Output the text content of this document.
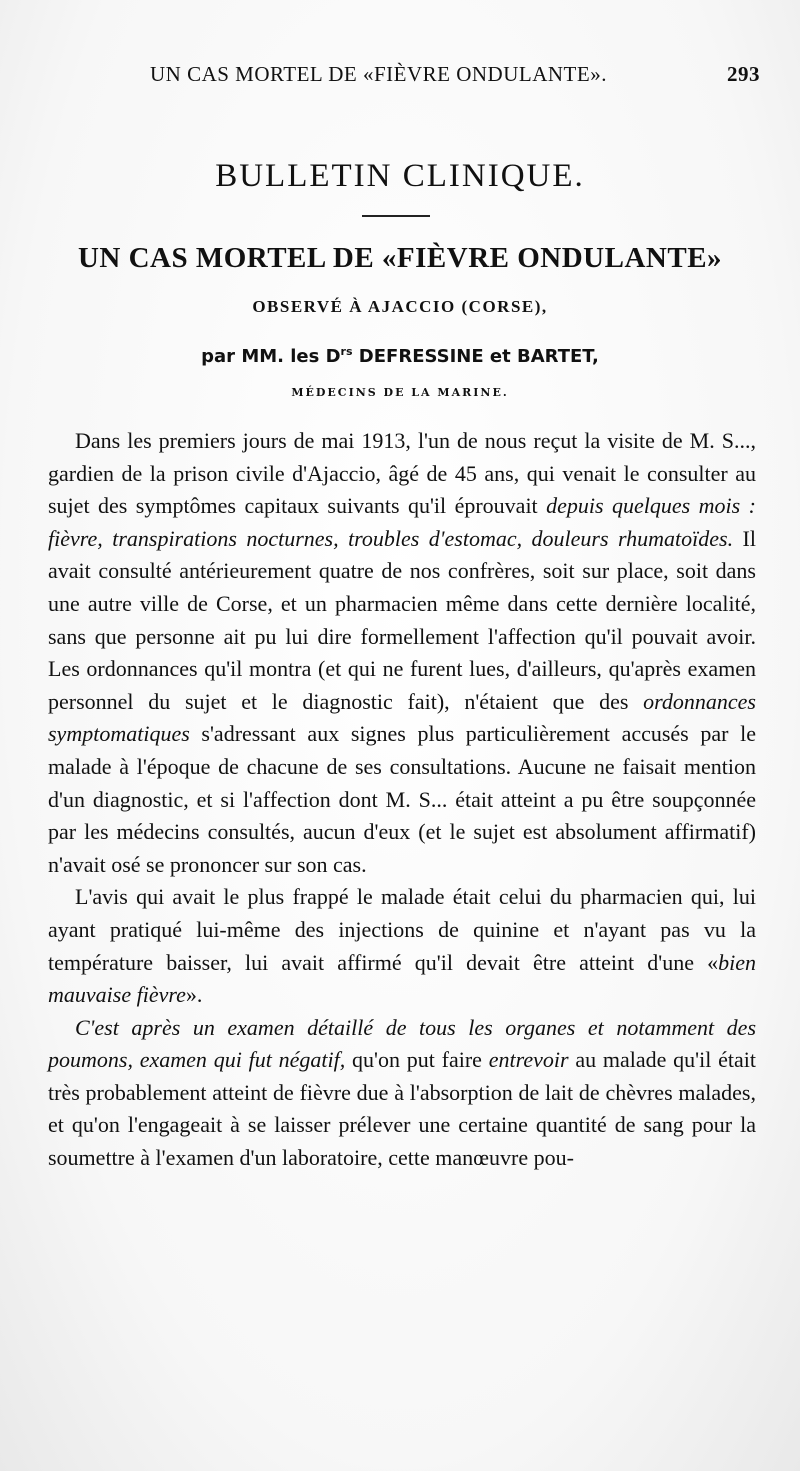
UN CAS MORTEL DE «FIÈVRE ONDULANTE».	293
BULLETIN CLINIQUE.
UN CAS MORTEL DE «FIÈVRE ONDULANTE»
OBSERVÉ À AJACCIO (CORSE),
par MM. les $D^{rs}$ DEFRESSINE et BARTET,
MÉDECINS DE LA MARINE.

Dans les premiers jours de mai 1913, l'un de nous reçut la visite de M. S..., gardien de la prison civile d'Ajaccio, âgé de 45 ans, qui venait le consulter au sujet des symptômes capitaux suivants qu'il éprouvait depuis quelques mois : fièvre, transpirations nocturnes, troubles d'estomac, douleurs rhumatoïdes. Il avait consulté antérieurement quatre de nos confrères, soit sur place, soit dans une autre ville de Corse, et un pharmacien même dans cette dernière localité, sans que personne ait pu lui dire formellement l'affection qu'il pouvait avoir. Les ordonnances qu'il montra (et qui ne furent lues, d'ailleurs, qu'après examen personnel du sujet et le diagnostic fait), n'étaient que des ordonnances symptomatiques s'adressant aux signes plus particulièrement accusés par le malade à l'époque de chacune de ses consultations. Aucune ne faisait mention d'un diagnostic, et si l'affection dont M. S... était atteint a pu être soupçonnée par les médecins consultés, aucun d'eux (et le sujet est absolument affirmatif) n'avait osé se prononcer sur son cas.

L'avis qui avait le plus frappé le malade était celui du pharmacien qui, lui ayant pratiqué lui-même des injections de quinine et n'ayant pas vu la température baisser, lui avait affirmé qu'il devait être atteint d'une «bien mauvaise fièvre».

C'est après un examen détaillé de tous les organes et notamment des poumons, examen qui fut négatif, qu'on put faire entrevoir au malade qu'il était très probablement atteint de fièvre due à l'absorption de lait de chèvres malades, et qu'on l'engageait à se laisser prélever une certaine quantité de sang pour la soumettre à l'examen d'un laboratoire, cette manœuvre pou-
